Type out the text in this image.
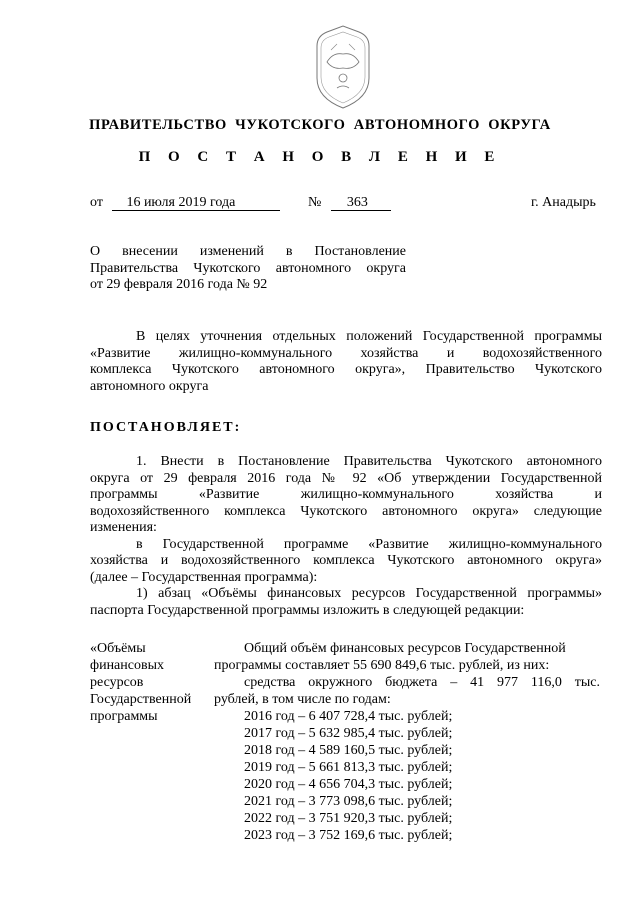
ПРАВИТЕЛЬСТВО ЧУКОТСКОГО АВТОНОМНОГО ОКРУГА
П О С Т А Н О В Л Е Н И Е
от 16 июля 2019 года	№ 363	г. Анадырь
О внесении изменений в Постановление
Правительства Чукотского автономного округа
от 29 февраля 2016 года № 92
В целях уточнения отдельных положений Государственной программы
«Развитие жилищно-коммунального хозяйства и водохозяйственного
комплекса Чукотского автономного округа», Правительство Чукотского
автономного округа
ПОСТАНОВЛЯЕТ:
1. Внести в Постановление Правительства Чукотского автономного
округа от 29 февраля 2016 года № 92 «Об утверждении Государственной
программы «Развитие жилищно-коммунального хозяйства и
водохозяйственного комплекса Чукотского автономного округа» следующие
изменения:
в Государственной программе «Развитие жилищно-коммунального
хозяйства и водохозяйственного комплекса Чукотского автономного округа»
(далее – Государственная программа):
1) абзац «Объёмы финансовых ресурсов Государственной программы»
паспорта Государственной программы изложить в следующей редакции:
«Объёмы
финансовых
ресурсов
Государственной
программы
Общий объём финансовых ресурсов Государственной
программы составляет 55 690 849,6 тыс. рублей, из них:
средства окружного бюджета – 41 977 116,0 тыс.
рублей, в том числе по годам:
2016 год – 6 407 728,4 тыс. рублей;
2017 год – 5 632 985,4 тыс. рублей;
2018 год – 4 589 160,5 тыс. рублей;
2019 год – 5 661 813,3 тыс. рублей;
2020 год – 4 656 704,3 тыс. рублей;
2021 год – 3 773 098,6 тыс. рублей;
2022 год – 3 751 920,3 тыс. рублей;
2023 год – 3 752 169,6 тыс. рублей;
